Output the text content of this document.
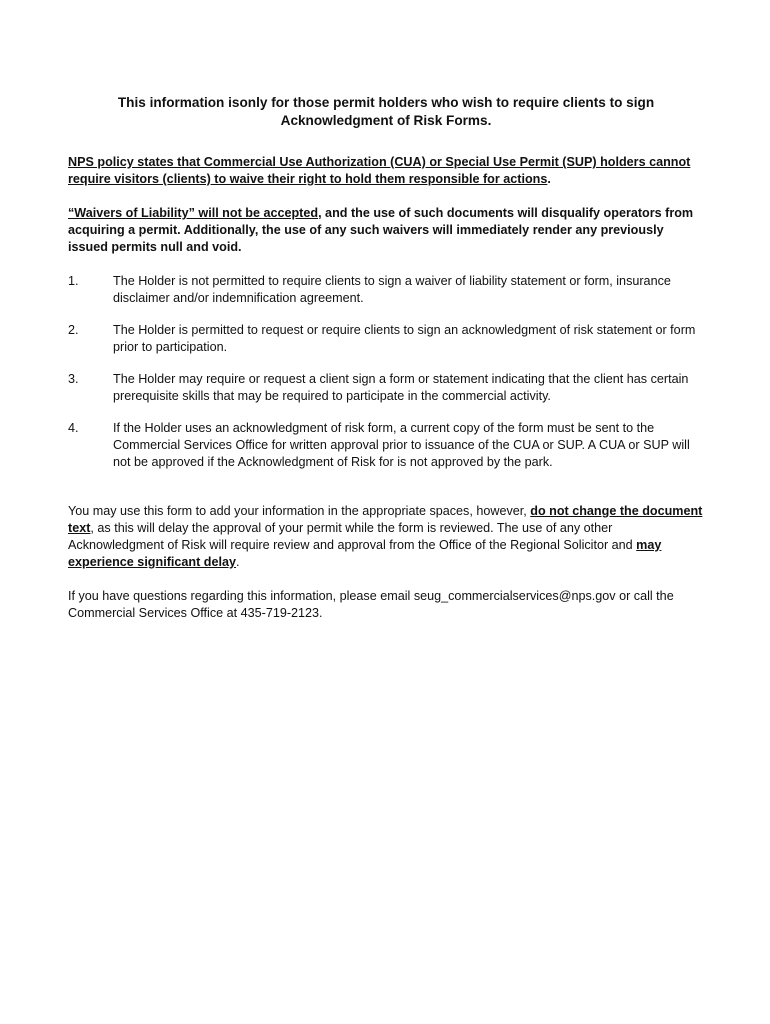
This information isonly for those permit holders who wish to require clients to sign Acknowledgment of Risk Forms.

NPS policy states that Commercial Use Authorization (CUA) or Special Use Permit (SUP) holders cannot require visitors (clients) to waive their right to hold them responsible for actions.

“Waivers of Liability” will not be accepted, and the use of such documents will disqualify operators from acquiring a permit. Additionally, the use of any such waivers will immediately render any previously issued permits null and void.

1.	The Holder is not permitted to require clients to sign a waiver of liability statement or form, insurance disclaimer and/or indemnification agreement.
2.	The Holder is permitted to request or require clients to sign an acknowledgment of risk statement or form prior to participation.
3.	The Holder may require or request a client sign a form or statement indicating that the client has certain prerequisite skills that may be required to participate in the commercial activity.
4.	If the Holder uses an acknowledgment of risk form, a current copy of the form must be sent to the Commercial Services Office for written approval prior to issuance of the CUA or SUP. A CUA or SUP will not be approved if the Acknowledgment of Risk for is not approved by the park.

You may use this form to add your information in the appropriate spaces, however, do not change the document text, as this will delay the approval of your permit while the form is reviewed. The use of any other Acknowledgment of Risk will require review and approval from the Office of the Regional Solicitor and may experience significant delay.

If you have questions regarding this information, please email seug_commercialservices@nps.gov or call the Commercial Services Office at 435-719-2123.
